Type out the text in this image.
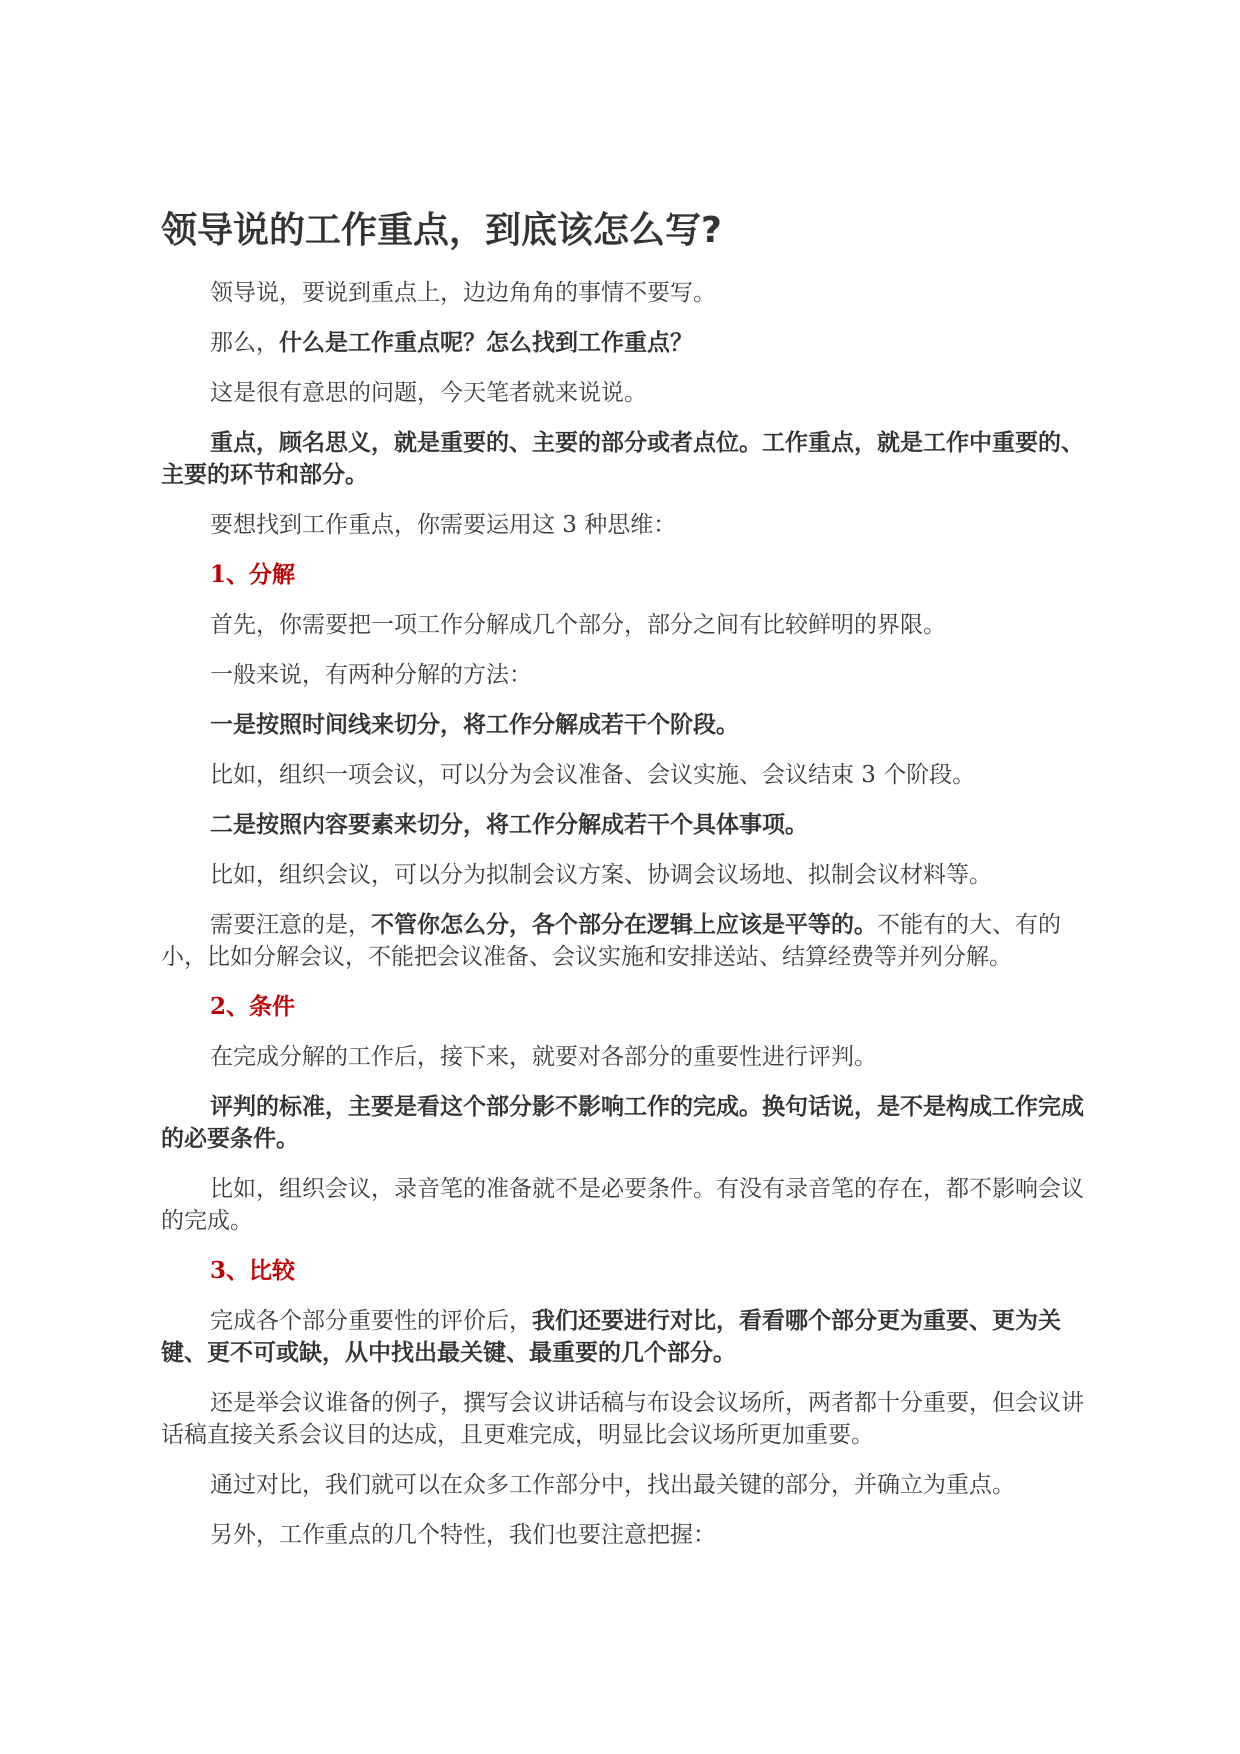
领导说的工作重点，到底该怎么写?

领导说，要说到重点上，边边角角的事情不要写。

那么，什么是工作重点呢？怎么找到工作重点？

这是很有意思的问题，今天笔者就来说说。

重点，顾名思义，就是重要的、主要的部分或者点位。工作重点，就是工作中重要的、主要的环节和部分。

要想找到工作重点，你需要运用这 3 种思维：

1、分解

首先，你需要把一项工作分解成几个部分，部分之间有比较鲜明的界限。

一般来说，有两种分解的方法：

一是按照时间线来切分，将工作分解成若干个阶段。

比如，组织一项会议，可以分为会议准备、会议实施、会议结束 3 个阶段。

二是按照内容要素来切分，将工作分解成若干个具体事项。

比如，组织会议，可以分为拟制会议方案、协调会议场地、拟制会议材料等。

需要汪意的是，不管你怎么分，各个部分在逻辑上应该是平等的。不能有的大、有的小，比如分解会议，不能把会议准备、会议实施和安排送站、结算经费等并列分解。

2、条件

在完成分解的工作后，接下来，就要对各部分的重要性进行评判。

评判的标准，主要是看这个部分影不影响工作的完成。换句话说，是不是构成工作完成的必要条件。

比如，组织会议，录音笔的准备就不是必要条件。有没有录音笔的存在，都不影响会议的完成。

3、比较

完成各个部分重要性的评价后，我们还要进行对比，看看哪个部分更为重要、更为关键、更不可或缺，从中找出最关键、最重要的几个部分。

还是举会议谁备的例子，撰写会议讲话稿与布设会议场所，两者都十分重要，但会议讲话稿直接关系会议目的达成，且更难完成，明显比会议场所更加重要。

通过对比，我们就可以在众多工作部分中，找出最关键的部分，并确立为重点。

另外，工作重点的几个特性，我们也要注意把握：
